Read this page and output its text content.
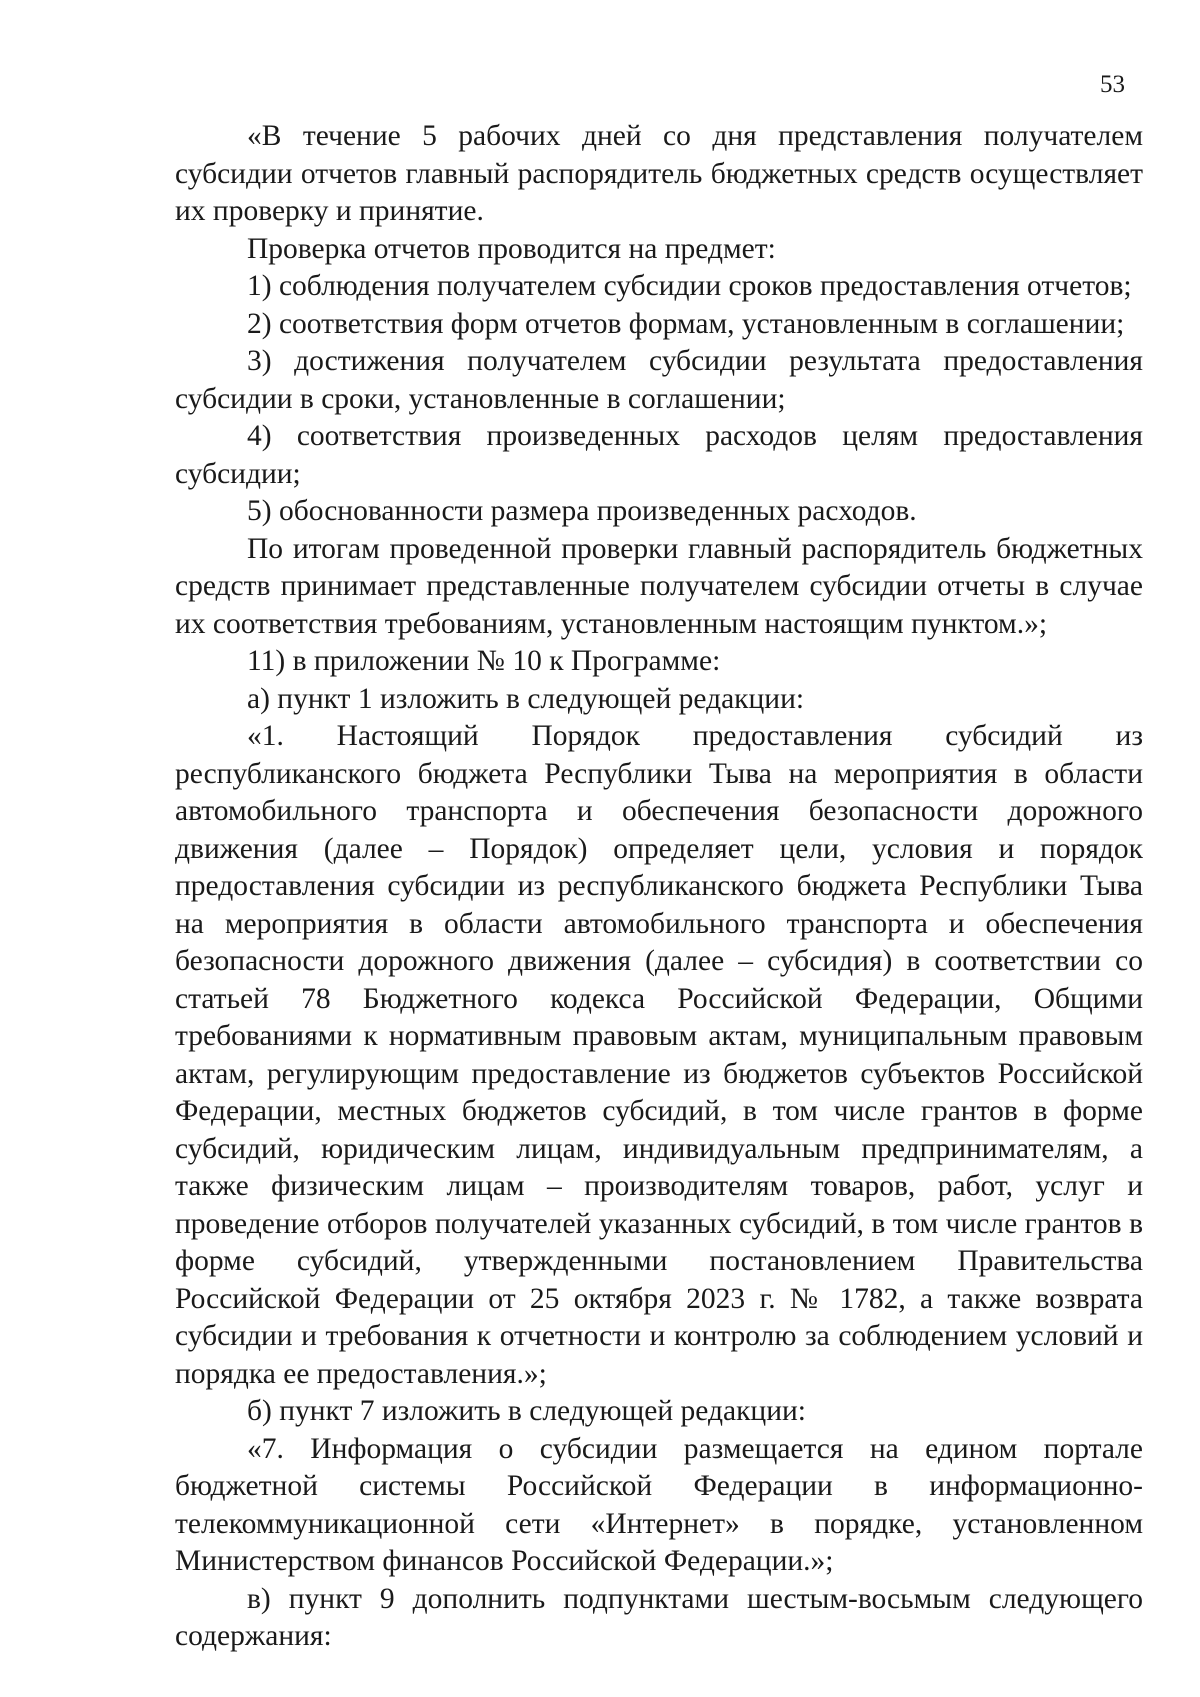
53

«В течение 5 рабочих дней со дня представления получателем субсидии отчетов главный распорядитель бюджетных средств осуществляет их проверку и принятие.

Проверка отчетов проводится на предмет:

1) соблюдения получателем субсидии сроков предоставления отчетов;

2) соответствия форм отчетов формам, установленным в соглашении;

3) достижения получателем субсидии результата предоставления субсидии в сроки, установленные в соглашении;

4) соответствия произведенных расходов целям предоставления субсидии;

5) обоснованности размера произведенных расходов.

По итогам проведенной проверки главный распорядитель бюджетных средств принимает представленные получателем субсидии отчеты в случае их соответствия требованиям, установленным настоящим пунктом.»;

11) в приложении № 10 к Программе:

а) пункт 1 изложить в следующей редакции:

«1. Настоящий Порядок предоставления субсидий из республиканского бюджета Республики Тыва на мероприятия в области автомобильного транспорта и обеспечения безопасности дорожного движения (далее – Порядок) определяет цели, условия и порядок предоставления субсидии из республиканского бюджета Республики Тыва на мероприятия в области автомобильного транспорта и обеспечения безопасности дорожного движения (далее – субсидия) в соответствии со статьей 78 Бюджетного кодекса Российской Федерации, Общими требованиями к нормативным правовым актам, муниципальным правовым актам, регулирующим предоставление из бюджетов субъектов Российской Федерации, местных бюджетов субсидий, в том числе грантов в форме субсидий, юридическим лицам, индивидуальным предпринимателям, а также физическим лицам – производителям товаров, работ, услуг и проведение отборов получателей указанных субсидий, в том числе грантов в форме субсидий, утвержденными постановлением Правительства Российской Федерации от 25 октября 2023 г. № 1782, а также возврата субсидии и требования к отчетности и контролю за соблюдением условий и порядка ее предоставления.»;

б) пункт 7 изложить в следующей редакции:

«7. Информация о субсидии размещается на едином портале бюджетной системы Российской Федерации в информационно-телекоммуникационной сети «Интернет» в порядке, установленном Министерством финансов Российской Федерации.»;

в) пункт 9 дополнить подпунктами шестым-восьмым следующего содержания:
